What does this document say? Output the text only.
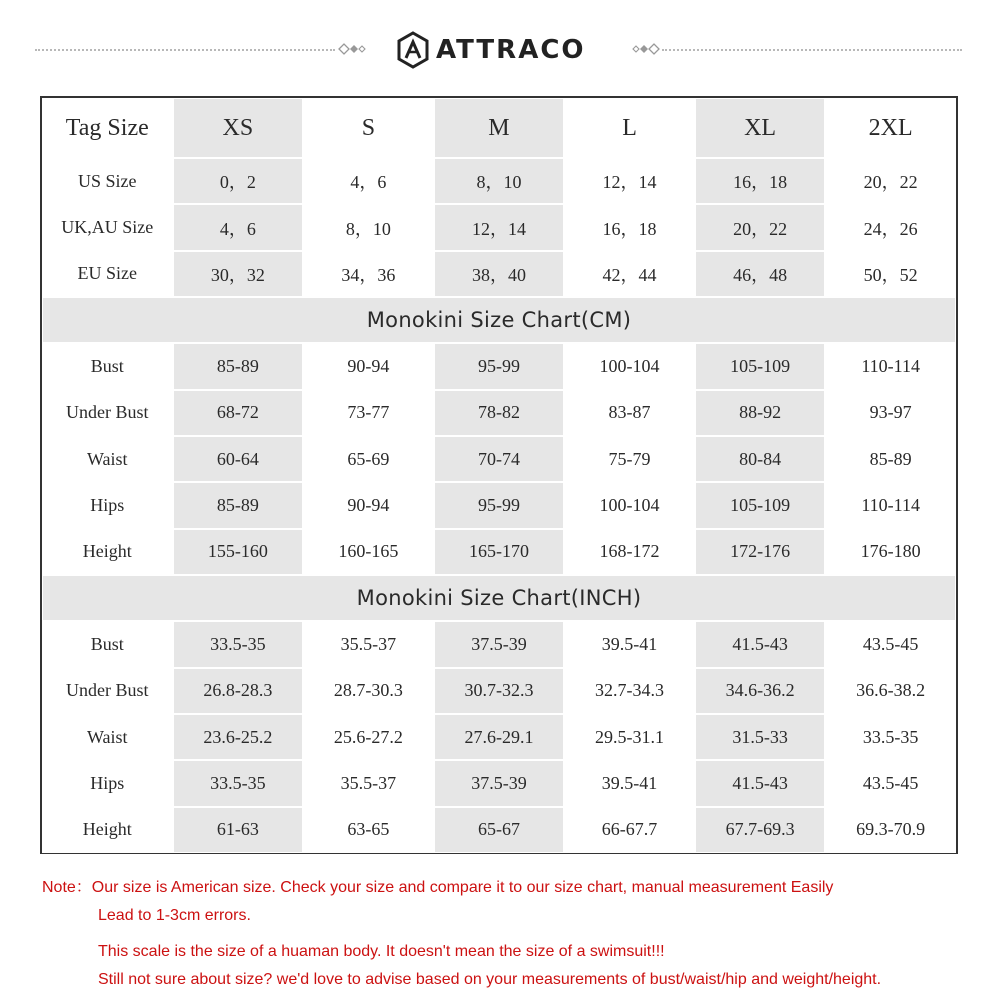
ATTRACO
Tag Size	XS	S	M	L	XL	2XL
US Size	0，2	4，6	8，10	12，14	16，18	20，22
UK,AU Size	4，6	8，10	12，14	16，18	20，22	24，26
EU Size	30，32	34，36	38，40	42，44	46，48	50，52
Monokini Size Chart(CM)
Bust	85-89	90-94	95-99	100-104	105-109	110-114
Under Bust	68-72	73-77	78-82	83-87	88-92	93-97
Waist	60-64	65-69	70-74	75-79	80-84	85-89
Hips	85-89	90-94	95-99	100-104	105-109	110-114
Height	155-160	160-165	165-170	168-172	172-176	176-180
Monokini Size Chart(INCH)
Bust	33.5-35	35.5-37	37.5-39	39.5-41	41.5-43	43.5-45
Under Bust	26.8-28.3	28.7-30.3	30.7-32.3	32.7-34.3	34.6-36.2	36.6-38.2
Waist	23.6-25.2	25.6-27.2	27.6-29.1	29.5-31.1	31.5-33	33.5-35
Hips	33.5-35	35.5-37	37.5-39	39.5-41	41.5-43	43.5-45
Height	61-63	63-65	65-67	66-67.7	67.7-69.3	69.3-70.9
Note：Our size is American size. Check your size and compare it to our size chart, manual measurement Easily
Lead to 1-3cm errors.
This scale is the size of a huaman body. It doesn't mean the size of a swimsuit!!!
Still not sure about size? we'd love to advise based on your measurements of bust/waist/hip and weight/height.
